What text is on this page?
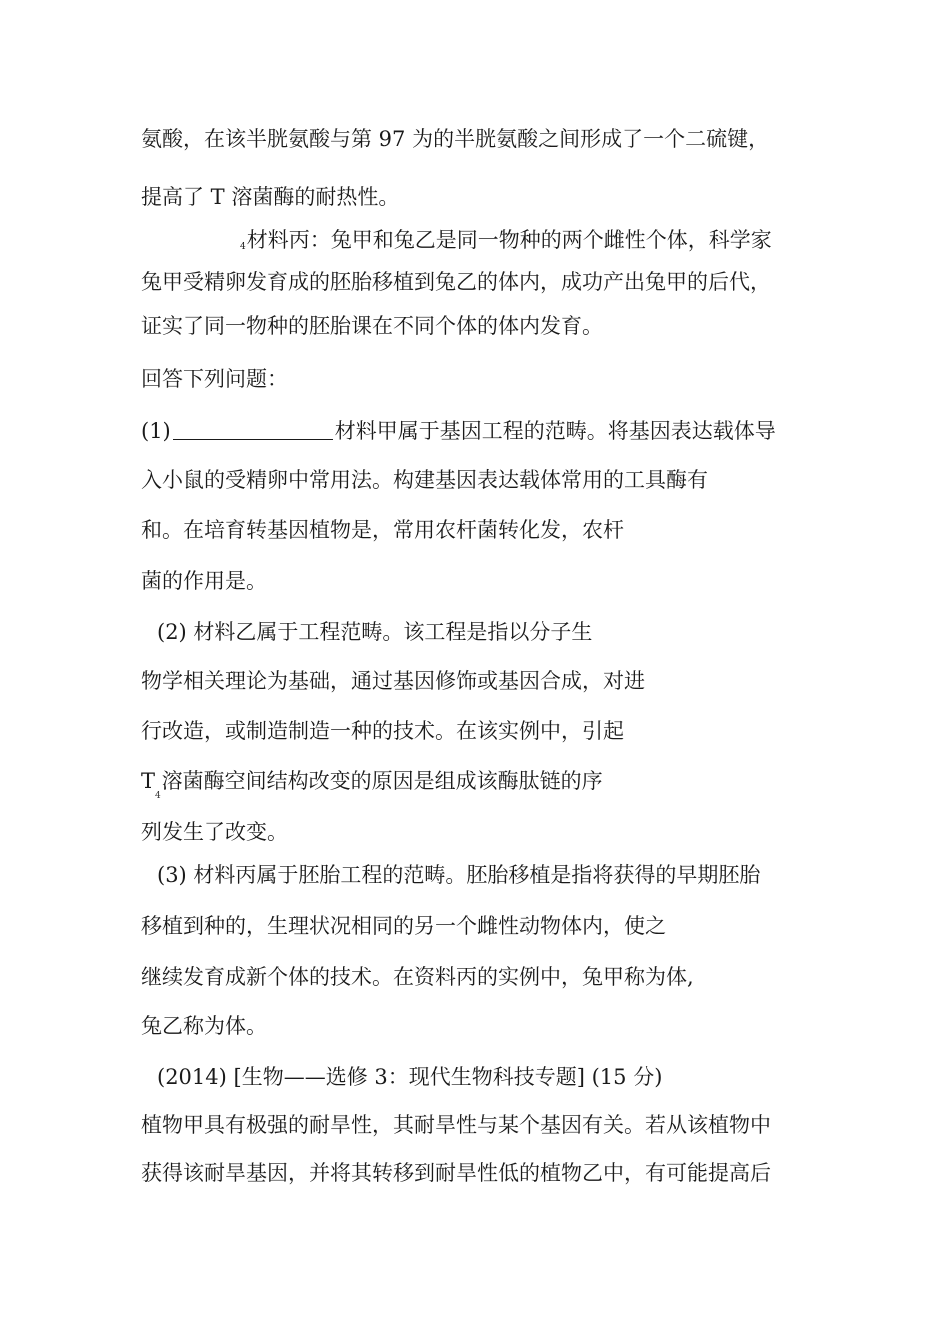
氨酸，在该半胱氨酸与第 97 为的半胱氨酸之间形成了一个二硫键，

提高了 T 溶菌酶的耐热性。

4材料丙：兔甲和兔乙是同一物种的两个雌性个体，科学家

兔甲受精卵发育成的胚胎移植到兔乙的体内，成功产出兔甲的后代，

证实了同一物种的胚胎课在不同个体的体内发育。

回答下列问题：

(1)	材料甲属于基因工程的范畴。将基因表达载体导

入小鼠的受精卵中常用法。构建基因表达载体常用的工具酶有

和。在培育转基因植物是，常用农杆菌转化发，农杆

菌的作用是。

(2) 材料乙属于工程范畴。该工程是指以分子生

物学相关理论为基础，通过基因修饰或基因合成，对进

行改造，或制造制造一种的技术。在该实例中，引起

T 溶菌酶空间结构改变的原因是组成该酶肽链的序

4

列发生了改变。

(3) 材料丙属于胚胎工程的范畴。胚胎移植是指将获得的早期胚胎

移植到种的，生理状况相同的另一个雌性动物体内，使之

继续发育成新个体的技术。在资料丙的实例中，兔甲称为体,

兔乙称为体。

(2014) [生物——选修 3：现代生物科技专题] (15 分)

植物甲具有极强的耐旱性，其耐旱性与某个基因有关。若从该植物中

获得该耐旱基因，并将其转移到耐旱性低的植物乙中，有可能提高后
